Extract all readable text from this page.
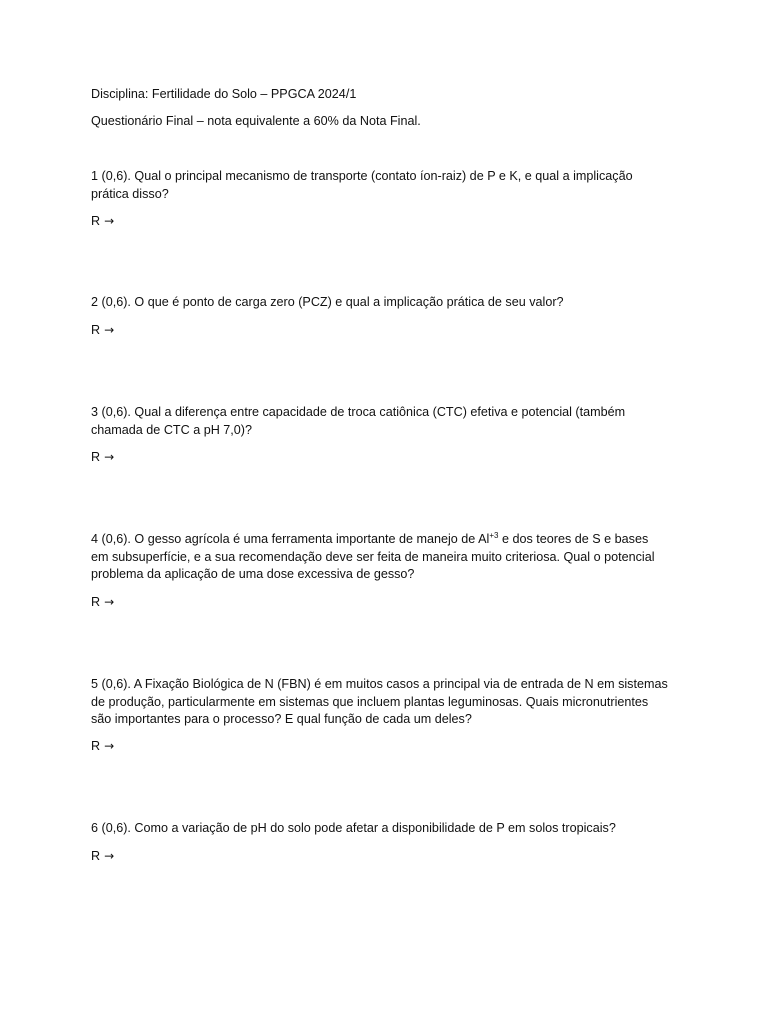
Disciplina: Fertilidade do Solo – PPGCA 2024/1
Questionário Final – nota equivalente a 60% da Nota Final.
1 (0,6). Qual o principal mecanismo de transporte (contato íon-raiz) de P e K, e qual a implicação
prática disso?
R →
2 (0,6). O que é ponto de carga zero (PCZ) e qual a implicação prática de seu valor?
R →
3 (0,6). Qual a diferença entre capacidade de troca catiônica (CTC) efetiva e potencial (também
chamada de CTC a pH 7,0)?
R →
4 (0,6). O gesso agrícola é uma ferramenta importante de manejo de $Al^{+3}$ e dos teores de S e bases
em subsuperfície, e a sua recomendação deve ser feita de maneira muito criteriosa. Qual o potencial
problema da aplicação de uma dose excessiva de gesso?
R →
5 (0,6). A Fixação Biológica de N (FBN) é em muitos casos a principal via de entrada de N em sistemas
de produção, particularmente em sistemas que incluem plantas leguminosas. Quais micronutrientes
são importantes para o processo? E qual função de cada um deles?
R →
6 (0,6). Como a variação de pH do solo pode afetar a disponibilidade de P em solos tropicais?
R →
